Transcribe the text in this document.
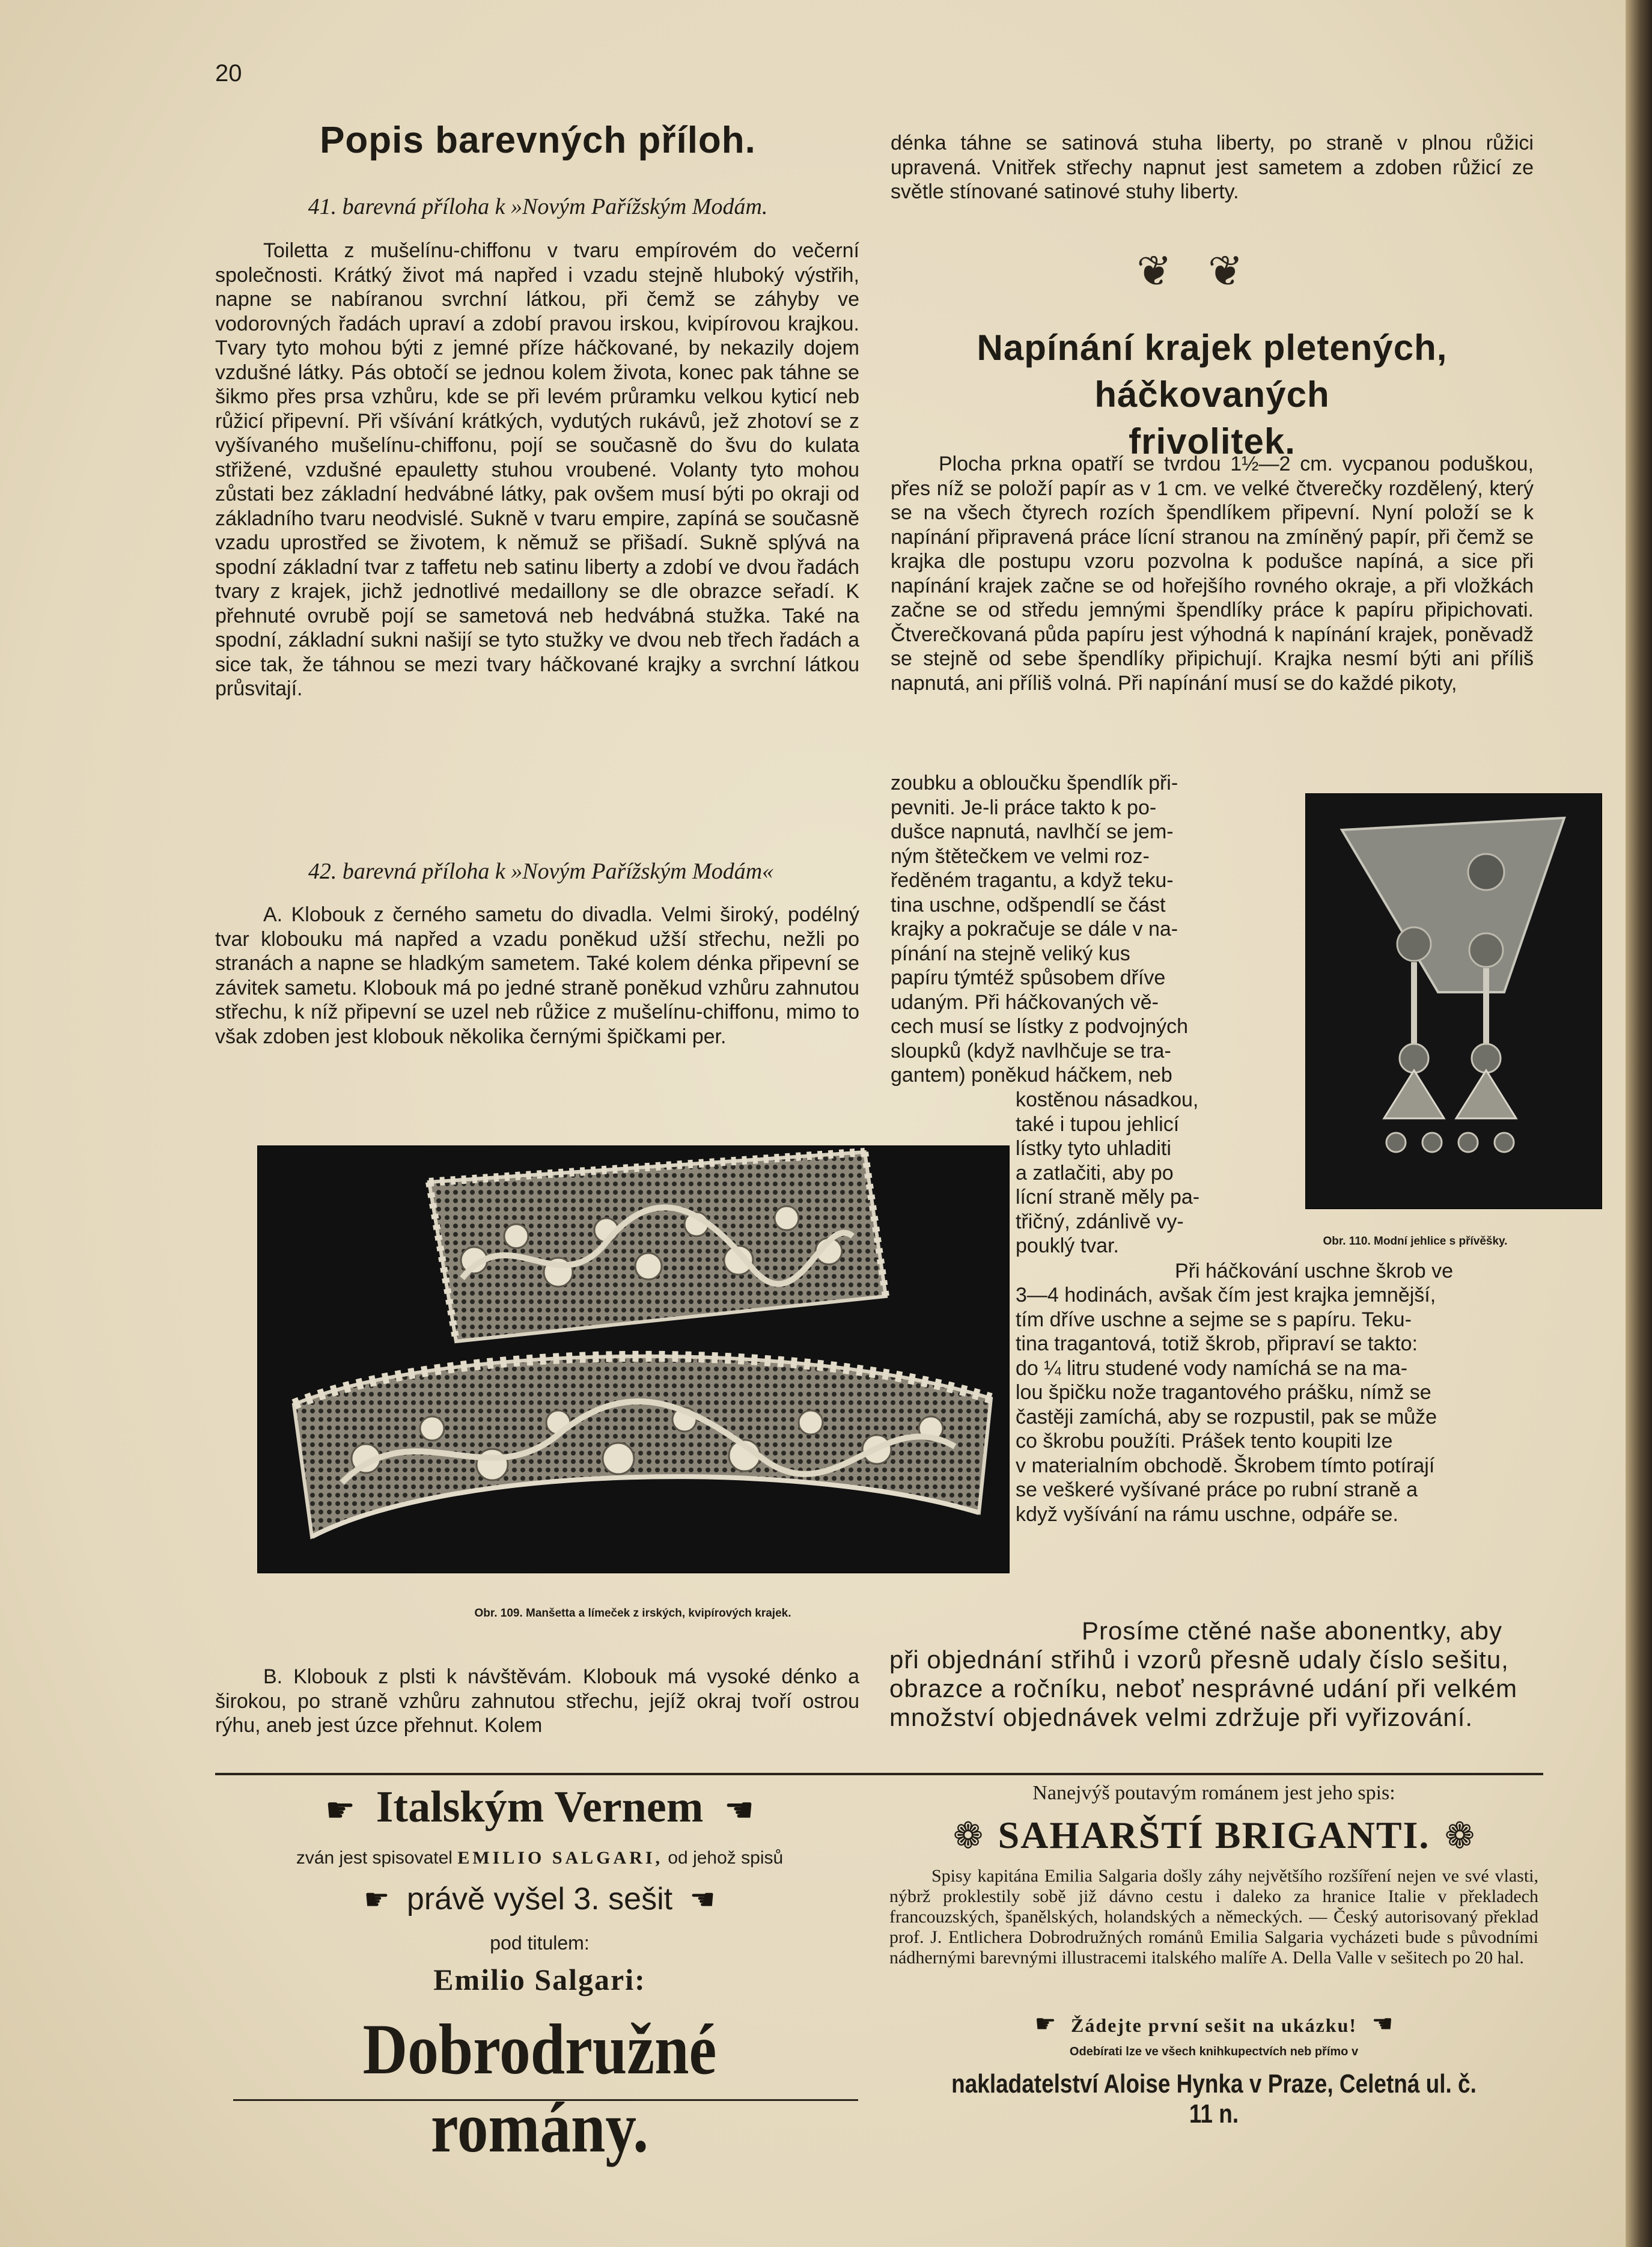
20
Popis barevných příloh.
41. barevná příloha k »Novým Pařížským Modám.

Toiletta z mušelínu-chiffonu v tvaru empírovém do večerní společnosti. Krátký život má napřed i vzadu stejně hluboký výstřih, napne se nabíranou svrchní látkou, při čemž se záhyby ve vodorovných řadách upraví a zdobí pravou irskou, kvipírovou krajkou. Tvary tyto mohou býti z jemné příze háčkované, by nekazily dojem vzdušné látky. Pás obtočí se jednou kolem života, konec pak táhne se šikmo přes prsa vzhůru, kde se při levém průramku velkou kyticí neb růžicí připevní. Při všívání krátkých, vydutých rukávů, jež zhotoví se z vyšívaného mušelínu-chiffonu, pojí se současně do švu do kulata střižené, vzdušné epauletty stuhou vroubené. Volanty tyto mohou zůstati bez základní hedvábné látky, pak ovšem musí býti po okraji od základního tvaru neodvislé. Sukně v tvaru empire, zapíná se současně vzadu uprostřed se životem, k němuž se přišadí. Sukně splývá na spodní základní tvar z taffetu neb satinu liberty a zdobí ve dvou řadách tvary z krajek, jichž jednotlivé medaillony se dle obrazce seřadí. K přehnuté ovrubě pojí se sametová neb hedvábná stužka. Také na spodní, základní sukni našijí se tyto stužky ve dvou neb třech řadách a sice tak, že táhnou se mezi tvary háčkované krajky a svrchní látkou průsvitají.

42. barevná příloha k »Novým Pařížským Modám«

A. Klobouk z černého sametu do divadla. Velmi široký, podélný tvar klobouku má napřed a vzadu poněkud užší střechu, nežli po stranách a napne se hladkým sametem. Také kolem dénka připevní se závitek sametu. Klobouk má po jedné straně poněkud vzhůru zahnutou střechu, k níž připevní se uzel neb růžice z mušelínu-chiffonu, mimo to však zdoben jest klobouk několika černými špičkami per.

Obr. 109. Manšetta a límeček z irských, kvipírových krajek.

B. Klobouk z plsti k návštěvám. Klobouk má vysoké dénko a širokou, po straně vzhůru zahnutou střechu, jejíž okraj tvoří ostrou rýhu, aneb jest úzce přehnut. Kolem

dénka táhne se satinová stuha liberty, po straně v plnou růžici upravená. Vnitřek střechy napnut jest sametem a zdoben růžicí ze světle stínované satinové stuhy liberty.

❦❦
Napínání krajek pletených, háčkovaných
frivolitek.

Plocha prkna opatří se tvrdou 1½—2 cm. vycpanou poduškou, přes níž se položí papír as v 1 cm. ve velké čtverečky rozdělený, který se na všech čtyrech rozích špendlíkem připevní. Nyní položí se k napínání připravená práce lícní stranou na zmíněný papír, při čemž se krajka dle postupu vzoru pozvolna k podušce napíná, a sice při napínání krajek začne se od hořejšího rovného okraje, a při vložkách začne se od středu jemnými špendlíky práce k papíru připichovati. Čtverečkovaná půda papíru jest výhodná k napínání krajek, poněvadž se stejně od sebe špendlíky připichují. Krajka nesmí býti ani příliš napnutá, ani příliš volná. Při napínání musí se do každé pikoty,

zoubku a obloučku špendlík při-
pevniti. Je-li práce takto k po-
dušce napnutá, navlhčí se jem-
ným štětečkem ve velmi roz-
ředěném tragantu, a když teku-
tina uschne, odšpendlí se část
krajky a pokračuje se dále v na-
pínání na stejně veliký kus
papíru týmtéž spůsobem dříve
udaným. Při háčkovaných vě-
cech musí se lístky z podvojných
sloupků (když navlhčuje se tra-
gantem) poněkud háčkem, neb
kostěnou násadkou,
také i tupou jehlicí
lístky tyto uhladiti
a zatlačiti, aby po
lícní straně měly pa-
třičný, zdánlivě vy-
pouklý tvar.
Při háčkování uschne škrob ve
3—4 hodinách, avšak čím jest krajka jemnější,
tím dříve uschne a sejme se s papíru. Teku-
tina tragantová, totiž škrob, připraví se takto:
do ¼ litru studené vody namíchá se na ma-
lou špičku nože tragantového prášku, nímž se
častěji zamíchá, aby se rozpustil, pak se může
co škrobu použíti. Prášek tento koupiti lze
v materialním obchodě. Škrobem tímto potírají
se veškeré vyšívané práce po rubní straně a
když vyšívání na rámu uschne, odpáře se.
Obr. 110. Modní jehlice s přívěšky.
Prosíme ctěné naše abonentky, aby při objednání střihů i vzorů přesně udaly číslo sešitu, obrazce a ročníku, neboť nesprávné udání při velkém množství objednávek velmi zdržuje při vyřizování.
☛ Italským Vernem ☚
zván jest spisovatel EMILIO SALGARI, od jehož spisů
☛ právě vyšel 3. sešit ☚
pod titulem:
Emilio Salgari:
Dobrodružné romány.
Nanejvýš poutavým románem jest jeho spis:
❁ SAHARŠTÍ BRIGANTI. ❁
Spisy kapitána Emilia Salgaria došly záhy největšího rozšíření nejen ve své vlasti, nýbrž proklestily sobě již dávno cestu i daleko za hranice Italie v překladech francouzských, španělských, holandských a německých. — Český autorisovaný překlad prof. J. Entlichera Dobrodružných románů Emilia Salgaria vycházeti bude s původními nádhernými barevnými illustracemi italského malíře A. Della Valle v sešitech po 20 hal.
☛ Žádejte první sešit na ukázku! ☚
Odebírati lze ve všech knihkupectvích neb přímo v
nakladatelství Aloise Hynka v Praze, Celetná ul. č. 11 n.
